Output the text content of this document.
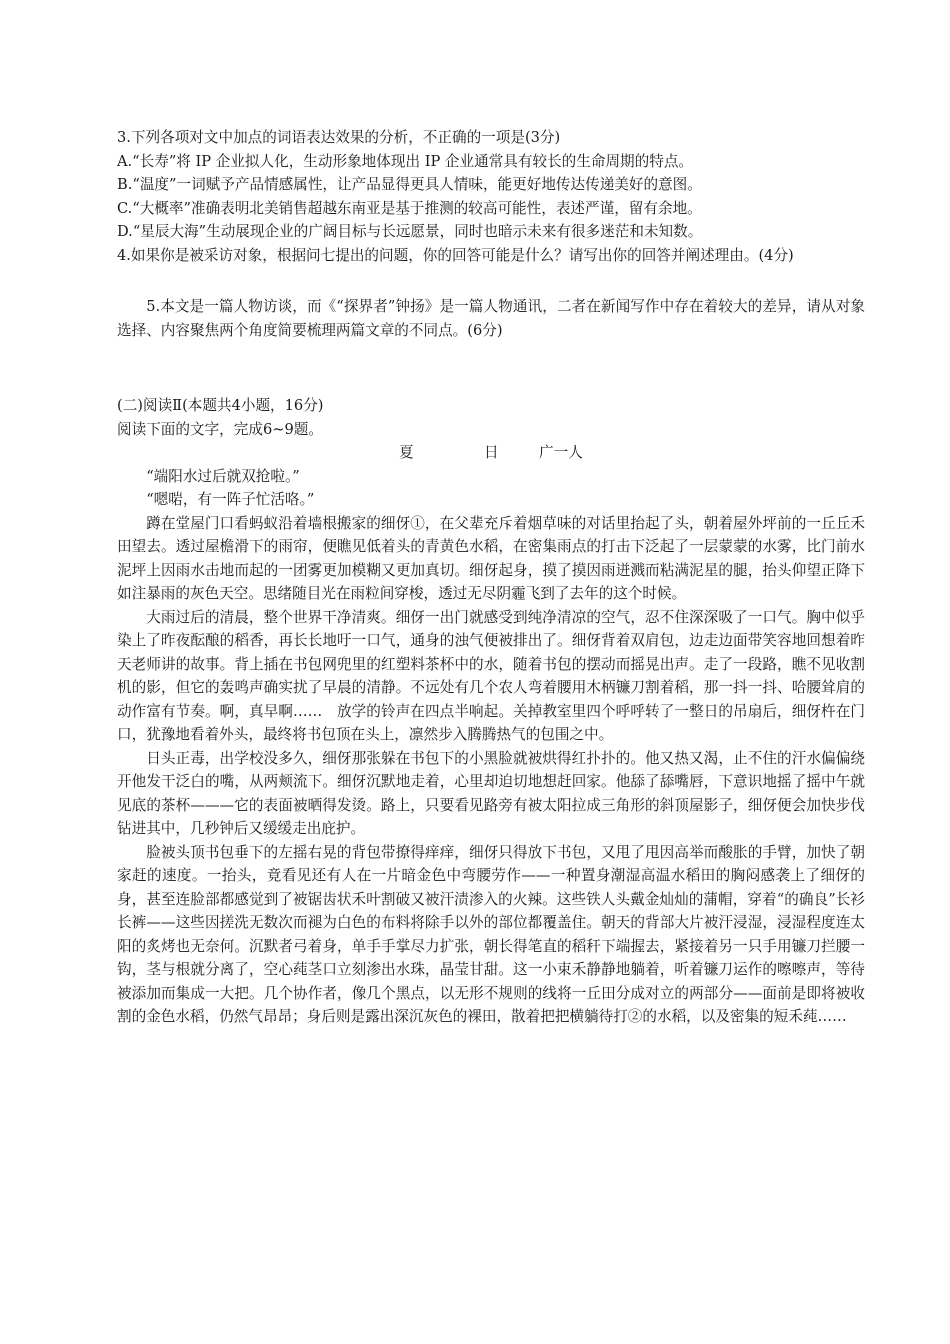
3.下列各项对文中加点的词语表达效果的分析，不正确的一项是(3分)
A.“长寿”将 IP 企业拟人化，生动形象地体现出 IP 企业通常具有较长的生命周期的特点。
B.“温度”一词赋予产品情感属性，让产品显得更具人情味，能更好地传达传递美好的意图。
C.“大概率”准确表明北美销售超越东南亚是基于推测的较高可能性，表述严谨，留有余地。
D.“星辰大海”生动展现企业的广阔目标与长远愿景，同时也暗示未来有很多迷茫和未知数。

4.如果你是被采访对象，根据问七提出的问题，你的回答可能是什么？请写出你的回答并阐述理由。(4分)

5.本文是一篇人物访谈，而《“探界者”钟扬》是一篇人物通讯，二者在新闻写作中存在着较大的差异，请从对象选择、内容聚焦两个角度简要梳理两篇文章的不同点。(6分)

(二)阅读Ⅱ(本题共4小题，16分)
阅读下面的文字，完成6~9题。
夏	日	广一人
“端阳水过后就双抢啦。”
“嗯啱，有一阵子忙活咯。”

蹲在堂屋门口看蚂蚁沿着墙根搬家的细伢①，在父辈充斥着烟草味的对话里抬起了头，朝着屋外坪前的一丘丘禾田望去。透过屋檐滑下的雨帘，便瞧见低着头的青黄色水稻，在密集雨点的打击下泛起了一层蒙蒙的水雾，比门前水泥坪上因雨水击地而起的一团雾更加模糊又更加真切。细伢起身，摸了摸因雨迸溅而粘满泥星的腿，抬头仰望正降下如注暴雨的灰色天空。思绪随目光在雨粒间穿梭，透过无尽阴霾飞到了去年的这个时候。

大雨过后的清晨，整个世界干净清爽。细伢一出门就感受到纯净清凉的空气，忍不住深深吸了一口气。胸中似乎染上了昨夜酝酿的稻香，再长长地吁一口气，通身的浊气便被排出了。细伢背着双肩包，边走边面带笑容地回想着昨天老师讲的故事。背上插在书包网兜里的红塑料茶杯中的水，随着书包的摆动而摇晃出声。走了一段路，瞧不见收割机的影，但它的轰鸣声确实扰了早晨的清静。不远处有几个农人弯着腰用木柄镰刀割着稻，那一抖一抖、哈腰耸肩的动作富有节奏。啊，真早啊……　放学的铃声在四点半响起。关掉教室里四个呼呼转了一整日的吊扇后，细伢杵在门口，犹豫地看着外头，最终将书包顶在头上，凛然步入腾腾热气的包围之中。

日头正毒，出学校没多久，细伢那张躲在书包下的小黑脸就被烘得红扑扑的。他又热又渴，止不住的汗水偏偏绕开他发干泛白的嘴，从两颊流下。细伢沉默地走着，心里却迫切地想赶回家。他舔了舔嘴唇，下意识地摇了摇中午就见底的茶杯———它的表面被晒得发烫。路上，只要看见路旁有被太阳拉成三角形的斜顶屋影子，细伢便会加快步伐钻进其中，几秒钟后又缓缓走出庇护。

脸被头顶书包垂下的左摇右晃的背包带撩得痒痒，细伢只得放下书包，又甩了甩因高举而酸胀的手臂，加快了朝家赶的速度。一抬头，竟看见还有人在一片暗金色中弯腰劳作——一种置身潮湿高温水稻田的胸闷感袭上了细伢的身，甚至连脸部都感觉到了被锯齿状禾叶割破又被汗渍渗入的火辣。这些铁人头戴金灿灿的蒲帽，穿着“的确良”长衫长裤——这些因搓洗无数次而褪为白色的布料将除手以外的部位都覆盖住。朝天的背部大片被汗浸湿，浸湿程度连太阳的炙烤也无奈何。沉默者弓着身，单手手掌尽力扩张，朝长得笔直的稻秆下端握去，紧接着另一只手用镰刀拦腰一钩，茎与根就分离了，空心莼茎口立刻渗出水珠，晶莹甘甜。这一小束禾静静地躺着，听着镰刀运作的嚓嚓声，等待被添加而集成一大把。几个协作者，像几个黑点，以无形不规则的线将一丘田分成对立的两部分——面前是即将被收割的金色水稻，仍然气昂昂；身后则是露出深沉灰色的裸田，散着把把横躺待打②的水稻，以及密集的短禾莼……
